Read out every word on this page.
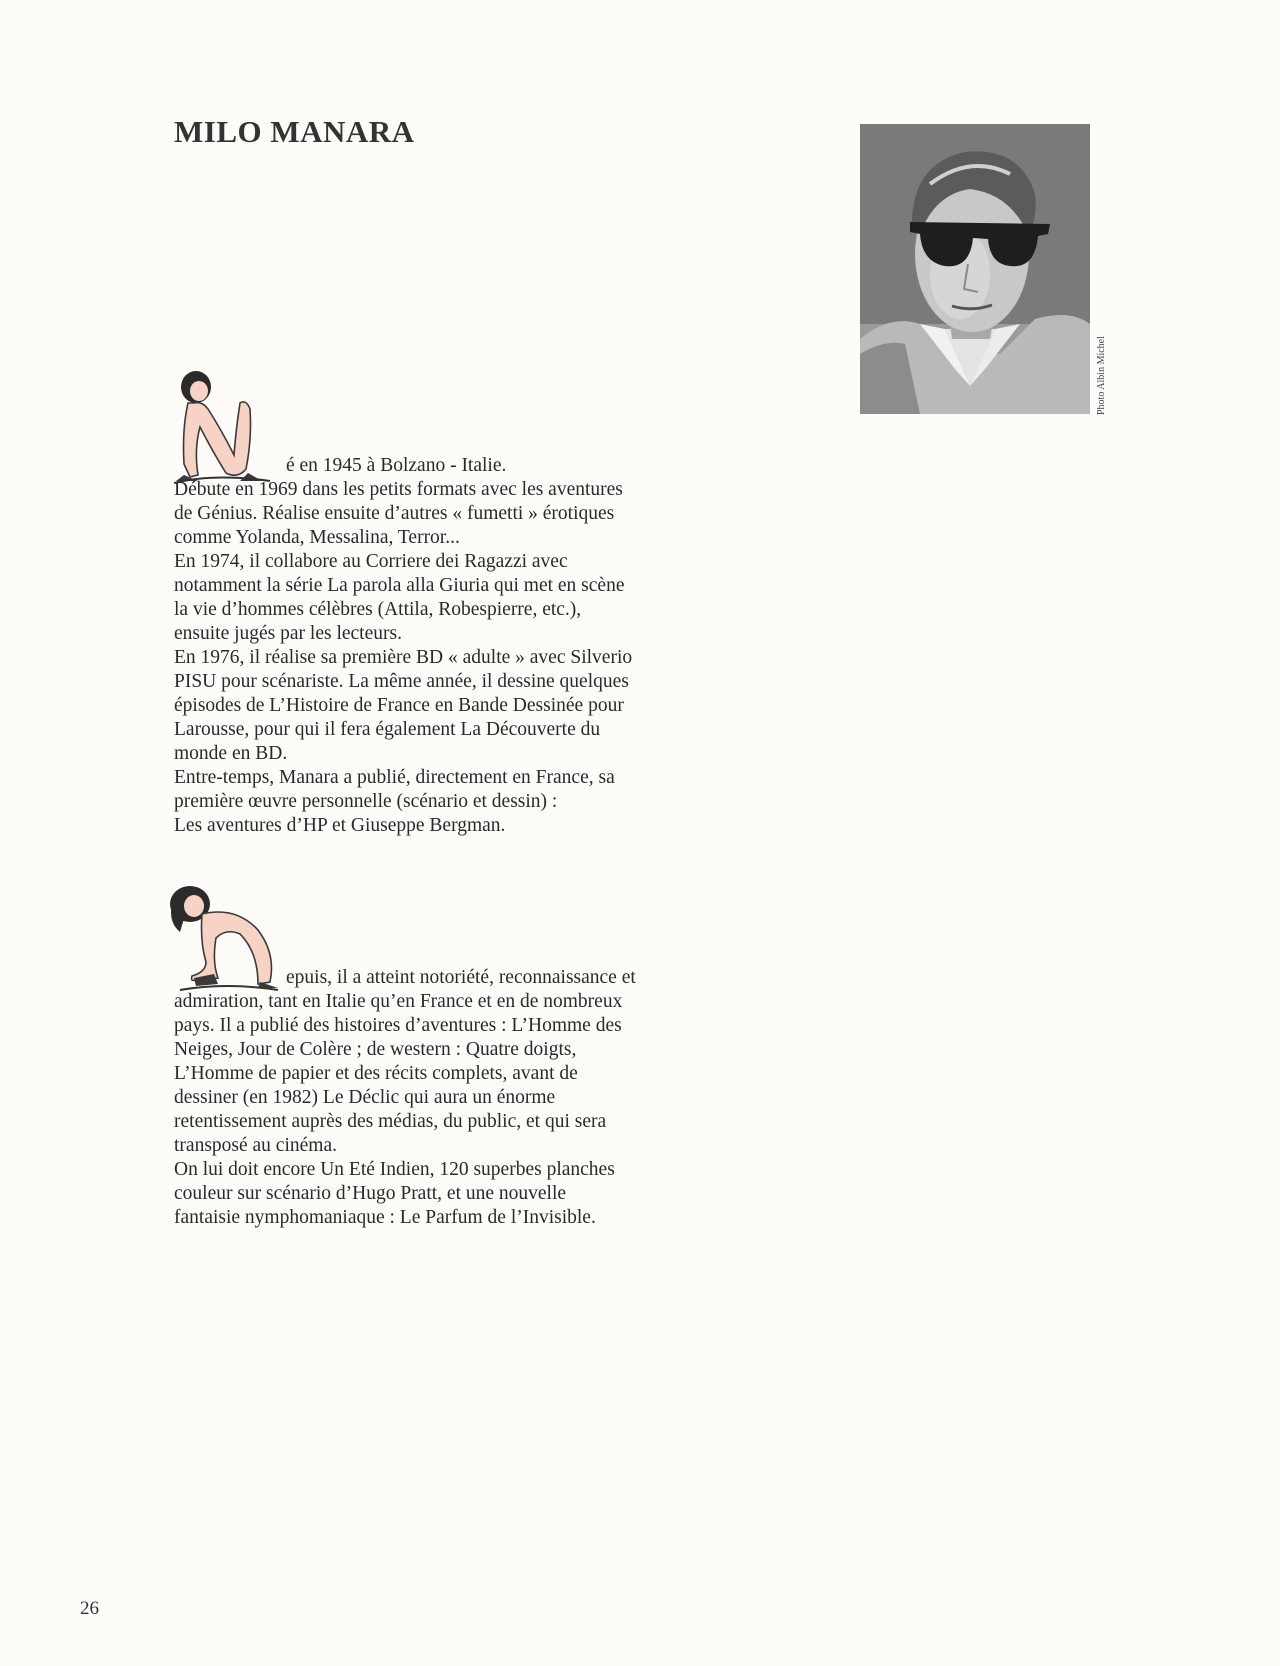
MILO MANARA
Photo Albin Michel
é en 1945 à Bolzano - Italie.
Débute en 1969 dans les petits formats avec les aventures
de Génius. Réalise ensuite d’autres « fumetti » érotiques
comme Yolanda, Messalina, Terror...
En 1974, il collabore au Corriere dei Ragazzi avec
notamment la série La parola alla Giuria qui met en scène
la vie d’hommes célèbres (Attila, Robespierre, etc.),
ensuite jugés par les lecteurs.
En 1976, il réalise sa première BD « adulte » avec Silverio
PISU pour scénariste. La même année, il dessine quelques
épisodes de L’Histoire de France en Bande Dessinée pour
Larousse, pour qui il fera également La Découverte du
monde en BD.
Entre-temps, Manara a publié, directement en France, sa
première œuvre personnelle (scénario et dessin) :
Les aventures d’HP et Giuseppe Bergman.
epuis, il a atteint notoriété, reconnaissance et
admiration, tant en Italie qu’en France et en de nombreux
pays. Il a publié des histoires d’aventures : L’Homme des
Neiges, Jour de Colère ; de western : Quatre doigts,
L’Homme de papier et des récits complets, avant de
dessiner (en 1982) Le Déclic qui aura un énorme
retentissement auprès des médias, du public, et qui sera
transposé au cinéma.
On lui doit encore Un Eté Indien, 120 superbes planches
couleur sur scénario d’Hugo Pratt, et une nouvelle
fantaisie nymphomaniaque : Le Parfum de l’Invisible.
26
